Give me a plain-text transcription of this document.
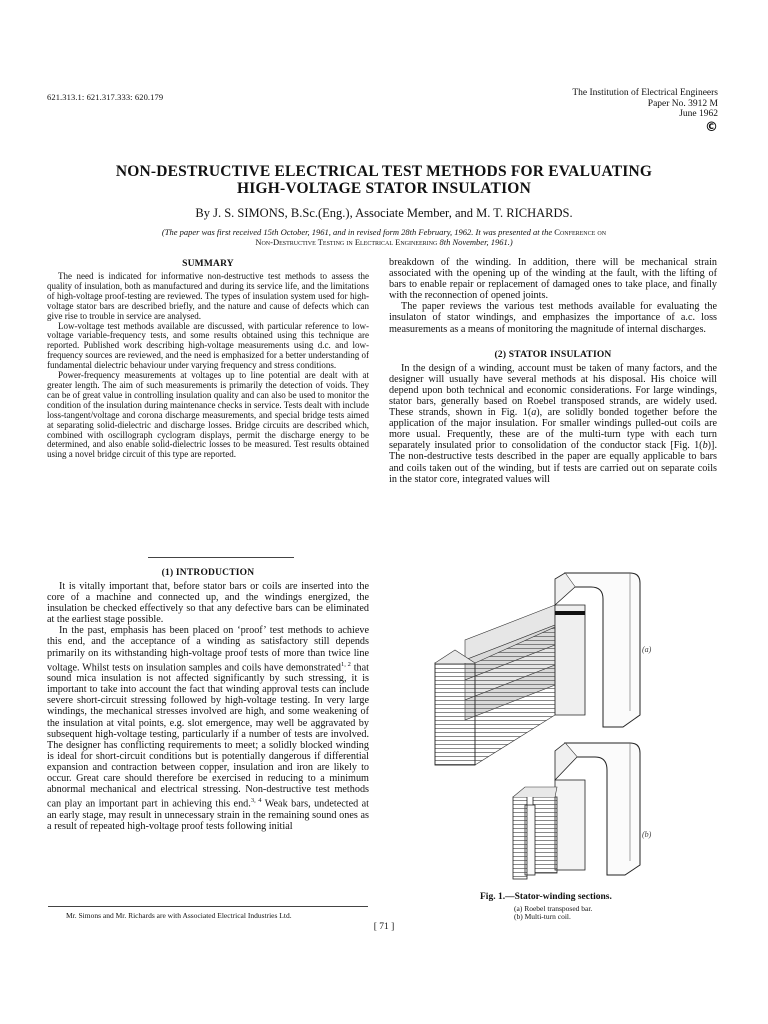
621.313.1: 621.317.333: 620.179	The Institution of Electrical Engineers
Paper No. 3912 M
June 1962
©
NON-DESTRUCTIVE ELECTRICAL TEST METHODS FOR EVALUATING
HIGH-VOLTAGE STATOR INSULATION
By J. S. SIMONS, B.Sc.(Eng.), Associate Member, and M. T. RICHARDS.
(The paper was first received 15th October, 1961, and in revised form 28th February, 1962. It was presented at the Conference on
Non-Destructive Testing in Electrical Engineering 8th November, 1961.)
SUMMARY

The need is indicated for informative non-destructive test methods to assess the quality of insulation, both as manufactured and during its service life, and the limitations of high-voltage proof-testing are reviewed. The types of insulation system used for high-voltage stator bars are described briefly, and the nature and cause of defects which can give rise to trouble in service are analysed.

Low-voltage test methods available are discussed, with particular reference to low-voltage variable-frequency tests, and some results obtained using this technique are reported. Published work describing high-voltage measurements using d.c. and low-frequency sources are reviewed, and the need is emphasized for a better understanding of fundamental dielectric behaviour under varying frequency and stress conditions.

Power-frequency measurements at voltages up to line potential are dealt with at greater length. The aim of such measurements is primarily the detection of voids. They can be of great value in controlling insulation quality and can also be used to monitor the condition of the insulation during maintenance checks in service. Tests dealt with include loss-tangent/voltage and corona discharge measurements, and special bridge tests aimed at separating solid-dielectric and discharge losses. Bridge circuits are described which, combined with oscillograph cyclogram displays, permit the discharge energy to be determined, and also enable solid-dielectric losses to be measured. Test results obtained using a novel bridge circuit of this type are reported.

(1) INTRODUCTION

It is vitally important that, before stator bars or coils are inserted into the core of a machine and connected up, and the windings energized, the insulation be checked effectively so that any defective bars can be eliminated at the earliest stage possible.

In the past, emphasis has been placed on ‘proof’ test methods to achieve this end, and the acceptance of a winding as satisfactory still depends primarily on its withstanding high-voltage proof tests of more than twice line voltage. Whilst tests on insulation samples and coils have demonstrated$^{1, 2}$ that sound mica insulation is not affected significantly by such stressing, it is important to take into account the fact that winding approval tests can include severe short-circuit stressing followed by high-voltage testing. In very large windings, the mechanical stresses involved are high, and some weakening of the insulation at vital points, e.g. slot emergence, may well be aggravated by subsequent high-voltage testing, particularly if a number of tests are involved. The designer has conflicting requirements to meet; a solidly blocked winding is ideal for short-circuit conditions but is potentially dangerous if differential expansion and contraction between copper, insulation and iron are likely to occur. Great care should therefore be exercised in reducing to a minimum abnormal mechanical and electrical stressing. Non-destructive test methods can play an important part in achieving this end.$^{3, 4}$ Weak bars, undetected at an early stage, may result in unnecessary strain in the remaining sound ones as a result of repeated high-voltage proof tests following initial

Mr. Simons and Mr. Richards are with Associated Electrical Industries Ltd.
[ 71 ]

breakdown of the winding. In addition, there will be mechanical strain associated with the opening up of the winding at the fault, with the lifting of bars to enable repair or replacement of damaged ones to take place, and finally with the reconnection of opened joints.

The paper reviews the various test methods available for evaluating the insulaton of stator windings, and emphasizes the importance of a.c. loss measurements as a means of monitoring the magnitude of internal discharges.

(2) STATOR INSULATION

In the design of a winding, account must be taken of many factors, and the designer will usually have several methods at his disposal. His choice will depend upon both technical and economic considerations. For large windings, stator bars, generally based on Roebel transposed strands, are widely used. These strands, shown in Fig. 1(a), are solidly bonded together before the application of the major insulation. For smaller windings pulled-out coils are more usual. Frequently, these are of the multi-turn type with each turn separately insulated prior to consolidation of the conductor stack [Fig. 1(b)]. The non-destructive tests described in the paper are equally applicable to bars and coils taken out of the winding, but if tests are carried out on separate coils in the stator core, integrated values will

(a)
(b)
Fig. 1.—Stator-winding sections.
(a) Roebel transposed bar.
(b) Multi-turn coil.
